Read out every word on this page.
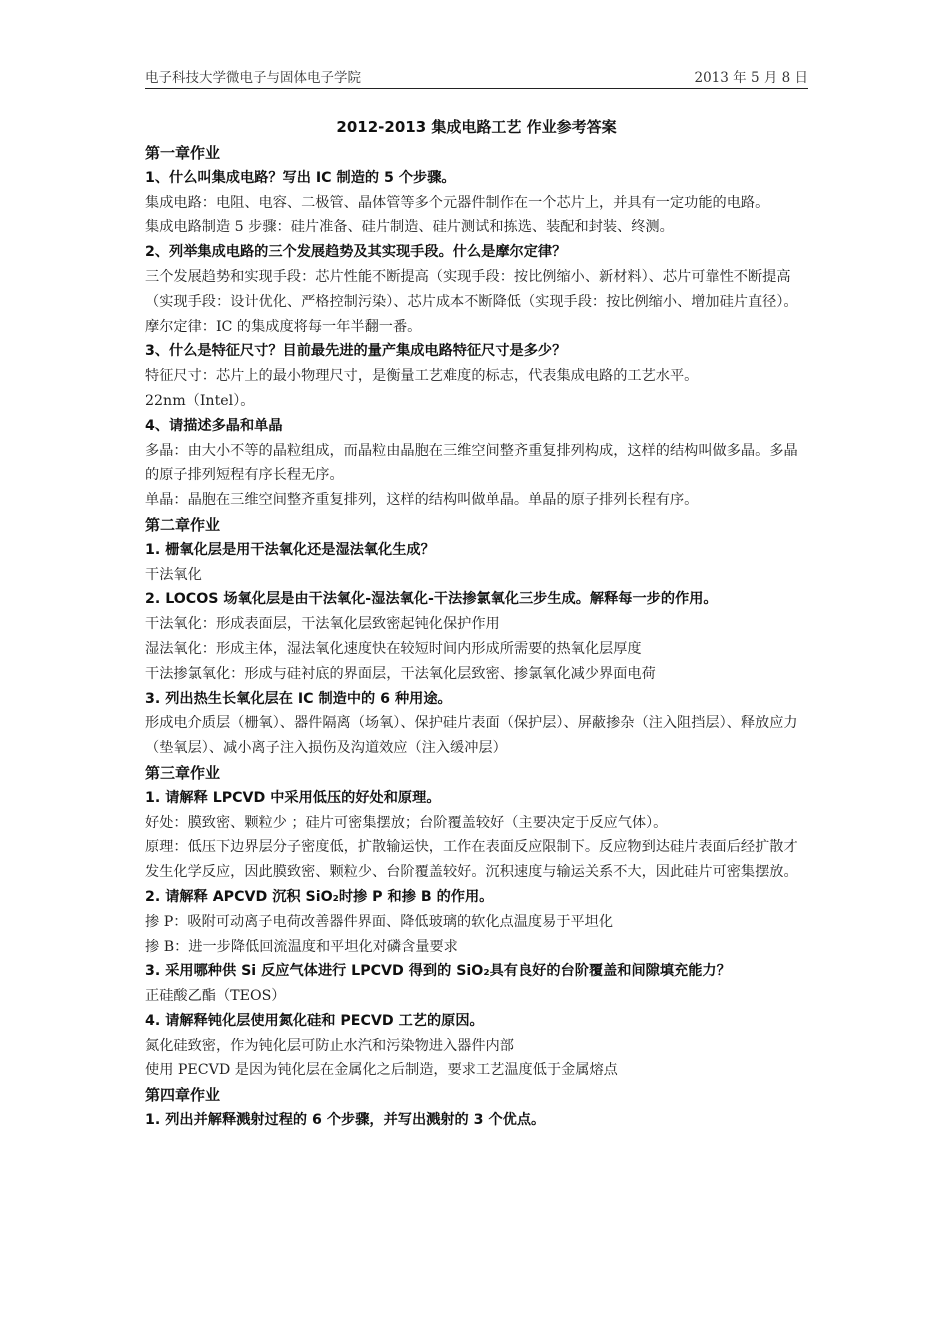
电子科技大学微电子与固体电子学院	2013 年 5 月 8 日

2012-2013 集成电路工艺 作业参考答案

第一章作业

1、什么叫集成电路？写出 IC 制造的 5 个步骤。

集成电路：电阻、电容、二极管、晶体管等多个元器件制作在一个芯片上，并具有一定功能的电路。

集成电路制造 5 步骤：硅片准备、硅片制造、硅片测试和拣选、装配和封装、终测。

2、列举集成电路的三个发展趋势及其实现手段。什么是摩尔定律？

三个发展趋势和实现手段：芯片性能不断提高（实现手段：按比例缩小、新材料）、芯片可靠性不断提高（实现手段：设计优化、严格控制污染）、芯片成本不断降低（实现手段：按比例缩小、增加硅片直径）。

摩尔定律：IC 的集成度将每一年半翻一番。

3、什么是特征尺寸？目前最先进的量产集成电路特征尺寸是多少？

特征尺寸：芯片上的最小物理尺寸，是衡量工艺难度的标志，代表集成电路的工艺水平。

22nm（Intel）。

4、请描述多晶和单晶

多晶：由大小不等的晶粒组成，而晶粒由晶胞在三维空间整齐重复排列构成，这样的结构叫做多晶。多晶的原子排列短程有序长程无序。

单晶：晶胞在三维空间整齐重复排列，这样的结构叫做单晶。单晶的原子排列长程有序。

第二章作业

1. 栅氧化层是用干法氧化还是湿法氧化生成？

干法氧化

2. LOCOS 场氧化层是由干法氧化-湿法氧化-干法掺氯氧化三步生成。解释每一步的作用。

干法氧化：形成表面层，干法氧化层致密起钝化保护作用

湿法氧化：形成主体，湿法氧化速度快在较短时间内形成所需要的热氧化层厚度

干法掺氯氧化：形成与硅衬底的界面层，干法氧化层致密、掺氯氧化减少界面电荷

3. 列出热生长氧化层在 IC 制造中的 6 种用途。

形成电介质层（栅氧）、器件隔离（场氧）、保护硅片表面（保护层）、屏蔽掺杂（注入阻挡层）、释放应力（垫氧层）、减小离子注入损伤及沟道效应（注入缓冲层）

第三章作业

1. 请解释 LPCVD 中采用低压的好处和原理。

好处：膜致密、颗粒少 ；硅片可密集摆放；台阶覆盖较好（主要决定于反应气体）。

原理：低压下边界层分子密度低，扩散输运快，工作在表面反应限制下。反应物到达硅片表面后经扩散才发生化学反应，因此膜致密、颗粒少、台阶覆盖较好。沉积速度与输运关系不大，因此硅片可密集摆放。

2. 请解释 APCVD 沉积 SiO₂时掺 P 和掺 B 的作用。

掺 P：吸附可动离子电荷改善器件界面、降低玻璃的软化点温度易于平坦化

掺 B：进一步降低回流温度和平坦化对磷含量要求

3. 采用哪种供 Si 反应气体进行 LPCVD 得到的 SiO₂具有良好的台阶覆盖和间隙填充能力？

正硅酸乙酯（TEOS）

4. 请解释钝化层使用氮化硅和 PECVD 工艺的原因。

氮化硅致密，作为钝化层可防止水汽和污染物进入器件内部

使用 PECVD 是因为钝化层在金属化之后制造，要求工艺温度低于金属熔点

第四章作业

1. 列出并解释溅射过程的 6 个步骤，并写出溅射的 3 个优点。
